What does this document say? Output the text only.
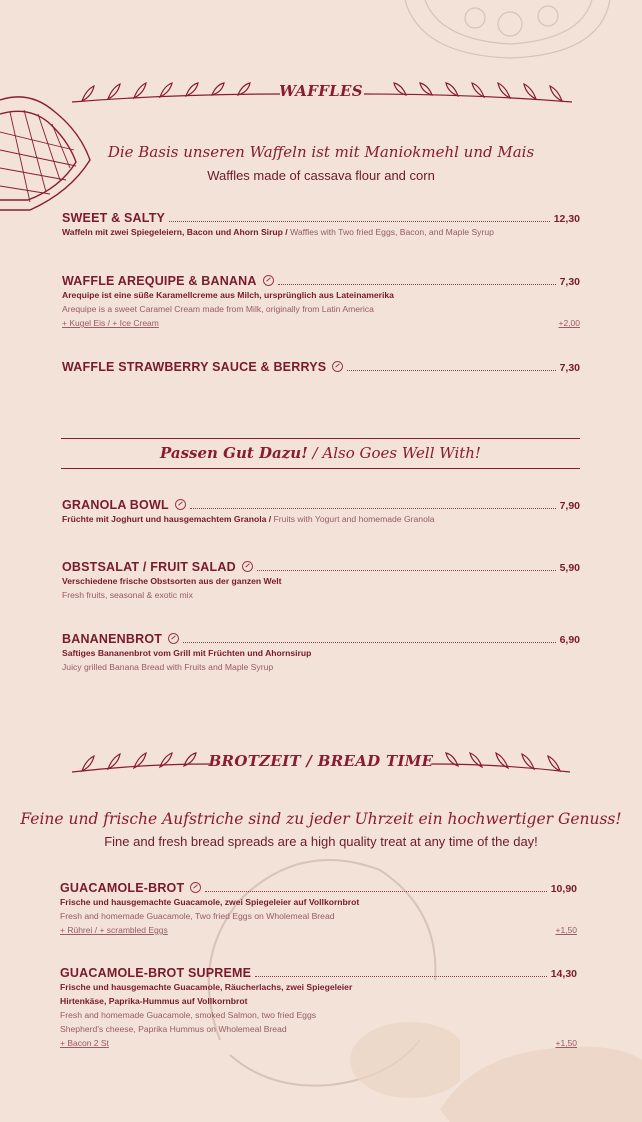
WAFFLES
Die Basis unseren Waffeln ist mit Maniokmehl und Mais
Waffles made of cassava flour and corn
SWEET & SALTY	12,30
Waffeln mit zwei Spiegeleiern, Bacon und Ahorn Sirup / Waffles with Two fried Eggs, Bacon, and Maple Syrup
WAFFLE AREQUIPE & BANANA	7,30
Arequipe ist eine süße Karamellcreme aus Milch, ursprünglich aus Lateinamerika
Arequipe is a sweet Caramel Cream made from Milk, originally from Latin America
+ Kugel Eis / + Ice Cream	+2,00
WAFFLE STRAWBERRY SAUCE & BERRYS	7,30
Passen Gut Dazu! / Also Goes Well With!
GRANOLA BOWL	7,90
Früchte mit Joghurt und hausgemachtem Granola / Fruits with Yogurt and homemade Granola
OBSTSALAT / FRUIT SALAD	5,90
Verschiedene frische Obstsorten aus der ganzen Welt
Fresh fruits, seasonal & exotic mix
BANANENBROT	6,90
Saftiges Bananenbrot vom Grill mit Früchten und Ahornsirup
Juicy grilled Banana Bread with Fruits and Maple Syrup
BROTZEIT / BREAD TIME
Feine und frische Aufstriche sind zu jeder Uhrzeit ein hochwertiger Genuss!
Fine and fresh bread spreads are a high quality treat at any time of the day!
GUACAMOLE-BROT	10,90
Frische und hausgemachte Guacamole, zwei Spiegeleier auf Vollkornbrot
Fresh and homemade Guacamole, Two fried Eggs on Wholemeal Bread
+ Rührei / + scrambled Eggs	+1,50
GUACAMOLE-BROT SUPREME	14,30
Frische und hausgemachte Guacamole, Räucherlachs, zwei Spiegeleier
Hirtenkäse, Paprika-Hummus auf Vollkornbrot
Fresh and homemade Guacamole, smoked Salmon, two fried Eggs
Shepherd's cheese, Paprika Hummus on Wholemeal Bread
+ Bacon 2 St	+1,50
